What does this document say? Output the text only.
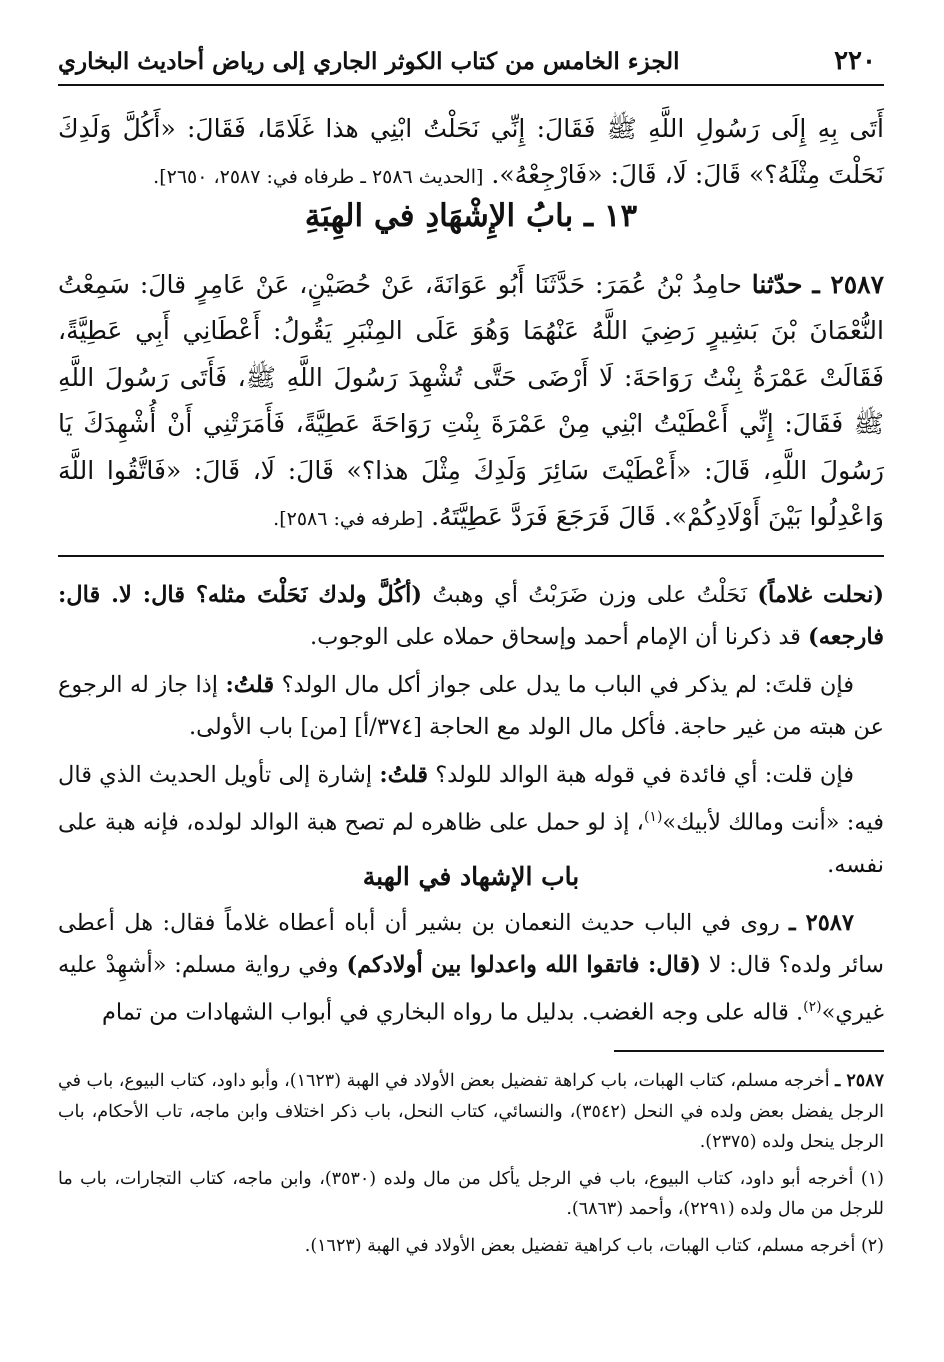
٢٢٠
الجزء الخامس من كتاب الكوثر الجاري إلى رياض أحاديث البخاري

أَتَى بِهِ إِلَى رَسُولِ اللَّهِ ﷺ فَقَالَ: إِنِّي نَحَلْتُ ابْنِي هذا غَلَامًا، فَقَالَ: «أَكُلَّ وَلَدِكَ نَحَلْتَ مِثْلَهُ؟» قَالَ: لَا، قَالَ: «فَارْجِعْهُ». [الحديث ٢٥٨٦ ـ طرفاه في: ٢٥٨٧، ٢٦٥٠].

١٣ ـ بابُ الإِشْهَادِ في الهِبَةِ

٢٥٨٧ ـ حدّثنا حامِدُ بْنُ عُمَرَ: حَدَّثَنَا أَبُو عَوَانَةَ، عَنْ حُصَيْنٍ، عَنْ عَامِرٍ قالَ: سَمِعْتُ النُّعْمَانَ بْنَ بَشِيرٍ رَضِيَ اللَّهُ عَنْهُمَا وَهُوَ عَلَى المِنْبَرِ يَقُولُ: أَعْطَانِي أَبِي عَطِيَّةً، فَقَالَتْ عَمْرَةُ بِنْتُ رَوَاحَةَ: لَا أَرْضَى حَتَّى تُشْهِدَ رَسُولَ اللَّهِ ﷺ، فَأَتَى رَسُولَ اللَّهِ ﷺ فَقَالَ: إِنِّي أَعْطَيْتُ ابْنِي مِنْ عَمْرَةَ بِنْتِ رَوَاحَةَ عَطِيَّةً، فَأَمَرَتْنِي أَنْ أُشْهِدَكَ يَا رَسُولَ اللَّهِ، قَالَ: «أَعْطَيْتَ سَائِرَ وَلَدِكَ مِثْلَ هذا؟» قَالَ: لَا، قَالَ: «فَاتَّقُوا اللَّهَ وَاعْدِلُوا بَيْنَ أَوْلَادِكُمْ». قَالَ فَرَجَعَ فَرَدَّ عَطِيَّتَهُ. [طرفه في: ٢٥٨٦].

(نحلت غلاماً) نَحَلْتُ على وزن ضَرَبْتُ أي وهبتُ (أكُلَّ ولدك نَحَلْتَ مثله؟ قال: لا. قال: فارجعه) قد ذكرنا أن الإمام أحمد وإسحاق حملاه على الوجوب.

فإن قلتَ: لم يذكر في الباب ما يدل على جواز أكل مال الولد؟ قلتُ: إذا جاز له الرجوع عن هبته من غير حاجة. فأكل مال الولد مع الحاجة [٣٧٤/أ] [من] باب الأولى.

فإن قلت: أي فائدة في قوله هبة الوالد للولد؟ قلتُ: إشارة إلى تأويل الحديث الذي قال فيه: «أنت ومالك لأبيك»$^{(١)}$، إذ لو حمل على ظاهره لم تصح هبة الوالد لولده، فإنه هبة على نفسه.

باب الإشهاد في الهبة

٢٥٨٧ ـ روى في الباب حديث النعمان بن بشير أن أباه أعطاه غلاماً فقال: هل أعطى سائر ولده؟ قال: لا (قال: فاتقوا الله واعدلوا بين أولادكم) وفي رواية مسلم: «أشهِدْ عليه غيري»$^{(٢)}$. قاله على وجه الغضب. بدليل ما رواه البخاري في أبواب الشهادات من تمام

٢٥٨٧ ـ أخرجه مسلم، كتاب الهبات، باب كراهة تفضيل بعض الأولاد في الهبة (١٦٢٣)، وأبو داود، كتاب البيوع، باب في الرجل يفضل بعض ولده في النحل (٣٥٤٢)، والنسائي، كتاب النحل، باب ذكر اختلاف وابن ماجه، تاب الأحكام، باب الرجل ينحل ولده (٢٣٧٥).

(١) أخرجه أبو داود، كتاب البيوع، باب في الرجل يأكل من مال ولده (٣٥٣٠)، وابن ماجه، كتاب التجارات، باب ما للرجل من مال ولده (٢٢٩١)، وأحمد (٦٨٦٣).

(٢) أخرجه مسلم، كتاب الهبات، باب كراهية تفضيل بعض الأولاد في الهبة (١٦٢٣).
